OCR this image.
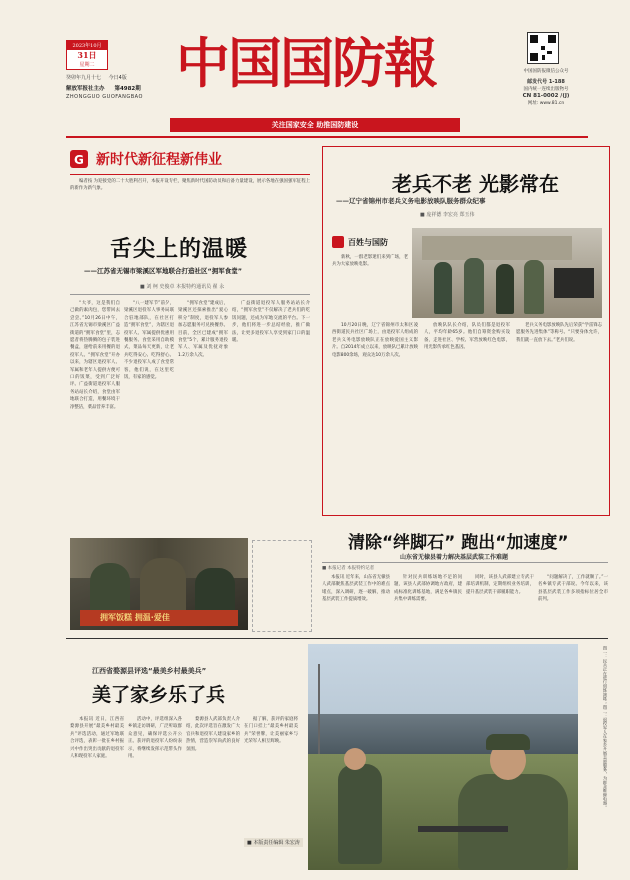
2023年10月
31日
星期二
癸卯年九月十七 今日4版
解放军报社主办 第4982期
ZHONGGUO GUOFANGBAO
中国国防報
关注国家安全 助推国防建设
中国国防报微信公众号
邮发代号 1-188
国内统一连续出版物号
CN 81-0002 /(J)
网址: www.81.cn
G 新时代新征程新伟业

编者按 为迎接党的二十大胜利召开，本报开设专栏，聚焦新时代国防动员和后备力量建设，展示各地在强国强军征程上的新作为新气象。

舌尖上的温暖
——江苏省无锡市梁溪区军地联合打造社区“拥军食堂”
■ 刘 柯 史俊卓 本报特约通讯员 翟 永

“大爷，这是我们自己做的素肉包，您带回去尝尝。”10月26日中午，江苏省无锡市梁溪区广益街道的“拥军食堂”里，志愿者将热腾腾的包子装进餐盒，递给前来用餐的退役军人。“拥军食堂”开办以来，为辖区退役军人、军属和老年人提供方便可口的饭菜，受到广泛好评。广益街道退役军人服务站站长介绍，食堂由军地联合打造，用餐环境干净整洁，菜品营养丰富。

“八一建军节”前夕，梁溪区退役军人事务局联合驻地部队，在社区打造“拥军食堂”，为辖区退役军人、军属提供优惠用餐服务。食堂采用自助模式，菜品每天更新，让老兵吃得安心、吃得舒心。不少退役军人成了食堂常客，他们说，在这里吃饭，有家的感觉。

“拥军食堂”建成后，梁溪区还探索推出“爱心积分”制度，退役军人参加志愿服务可兑换餐券。目前，全区已建成“拥军食堂”5个，累计服务退役军人、军属及优抚对象1.2万余人次。

广益街道退役军人服务站站长介绍，“拥军食堂”不仅解决了老兵们的吃饭问题，还成为军地交流的平台。下一步，他们将进一步总结经验，推广做法，让更多退役军人享受到家门口的温暖。

拥军饭糕 拥温·爱佳
老兵不老 光影常在
——辽宁省锦州市老兵义务电影放映队服务群众纪事
■ 庞祥德 李宏亮 郑玉伟
百姓与国防

新秋，一群老影迷们来到广场，老兵为大家放映电影。

10月20日晚，辽宁省锦州市太和区凌西街道民兵社区广场上，由退役军人组成的老兵义务电影放映队正在放映爱国主义影片。自2014年成立以来，放映队已累计放映电影800余场，观众达10万余人次。

放映队队长介绍，队员们都是退役军人，平均年龄65岁。他们自筹资金购买设备，走进社区、学校、军营放映红色电影，用光影传承红色基因。

老兵义务电影放映队先后荣获“学雷锋志愿服务先进集体”等称号。“只要身体允许，我们就一直放下去。”老兵们说。

清除“绊脚石” 跑出“加速度”
山东省无棣县着力解决基层武装工作难题
■ 本报记者 本报特约记者

本报讯 近年来，山东省无棣县人武部聚焦基层武装工作中的难点堵点，深入调研，逐一破解，推动基层武装工作提质增效。

针对民兵训练场地不足的问题，该县人武部协调地方政府，建成标准化训练基地，满足各乡镇民兵集中训练需要。

同时，该县人武部建立专武干部培训机制，定期组织业务培训，提升基层武装干部履职能力。

“问题解决了，工作就顺了。”一名乡镇专武干部说。今年以来，该县基层武装工作多项指标位居全市前列。

江西省婺源县评选“最美乡村最美兵”
美了家乡乐了兵

本报讯 近日，江西省婺源县开展“最美乡村最美兵”评选活动，通过军地联合评选，表彰一批在乡村振兴中作出突出贡献的退役军人和现役军人家庭。

活动中，评选组深入各乡镇走访调研，广泛听取群众意见，确保评选公开公正。获评的退役军人纷纷表示，将继续发挥示范带头作用。

婺源县人武部负责人介绍，此次评选旨在激发广大官兵和退役军人建设家乡的热情，营造崇军尚武的良好氛围。

据了解，获评的家庭将在门口挂上“最美乡村最美兵”荣誉牌，让美丽家乡与光荣军人相互辉映。

■ 本版责任编辑 朱宏涛
图一：民兵正在进行训练演练；图二：退役军人在家乡开展志愿服务，为群众维修电器。
